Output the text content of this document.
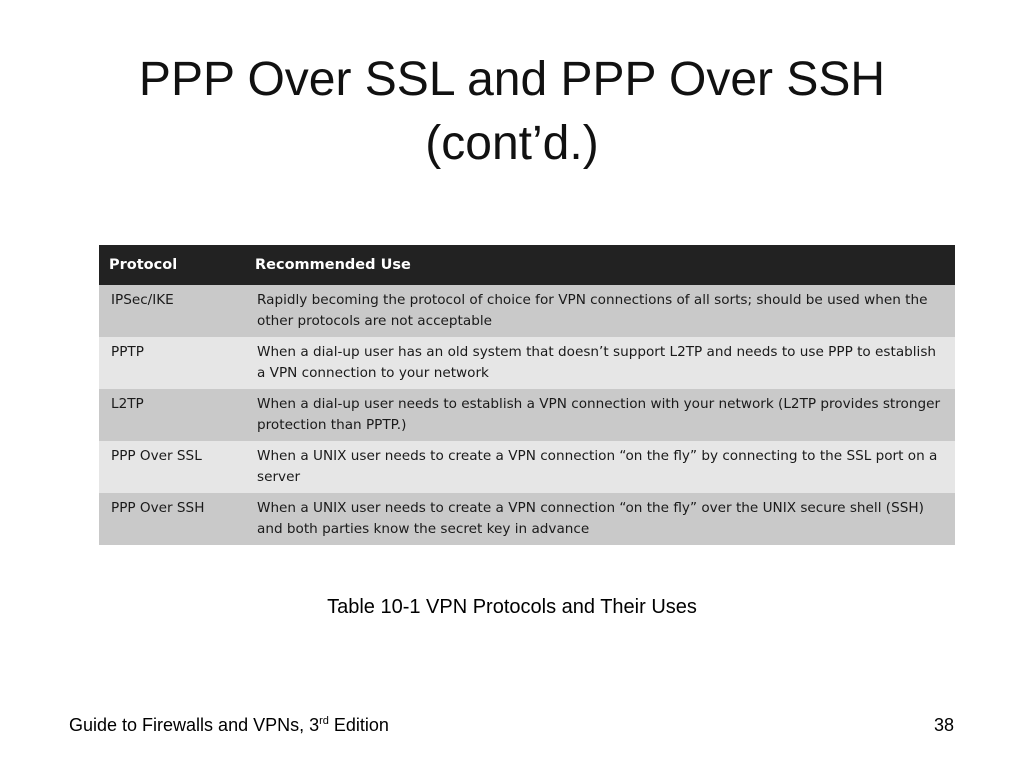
PPP Over SSL and PPP Over SSH
(cont’d.)
Protocol	Recommended Use
IPSec/IKE	Rapidly becoming the protocol of choice for VPN connections of all sorts; should be used when the other protocols are not acceptable
PPTP	When a dial-up user has an old system that doesn’t support L2TP and needs to use PPP to establish a VPN connection to your network
L2TP	When a dial-up user needs to establish a VPN connection with your network (L2TP provides stronger protection than PPTP.)
PPP Over SSL	When a UNIX user needs to create a VPN connection “on the fly” by connecting to the SSL port on a server
PPP Over SSH	When a UNIX user needs to create a VPN connection “on the fly” over the UNIX secure shell (SSH) and both parties know the secret key in advance
Table 10-1 VPN Protocols and Their Uses
Guide to Firewalls and VPNs, 3rd Edition	38
